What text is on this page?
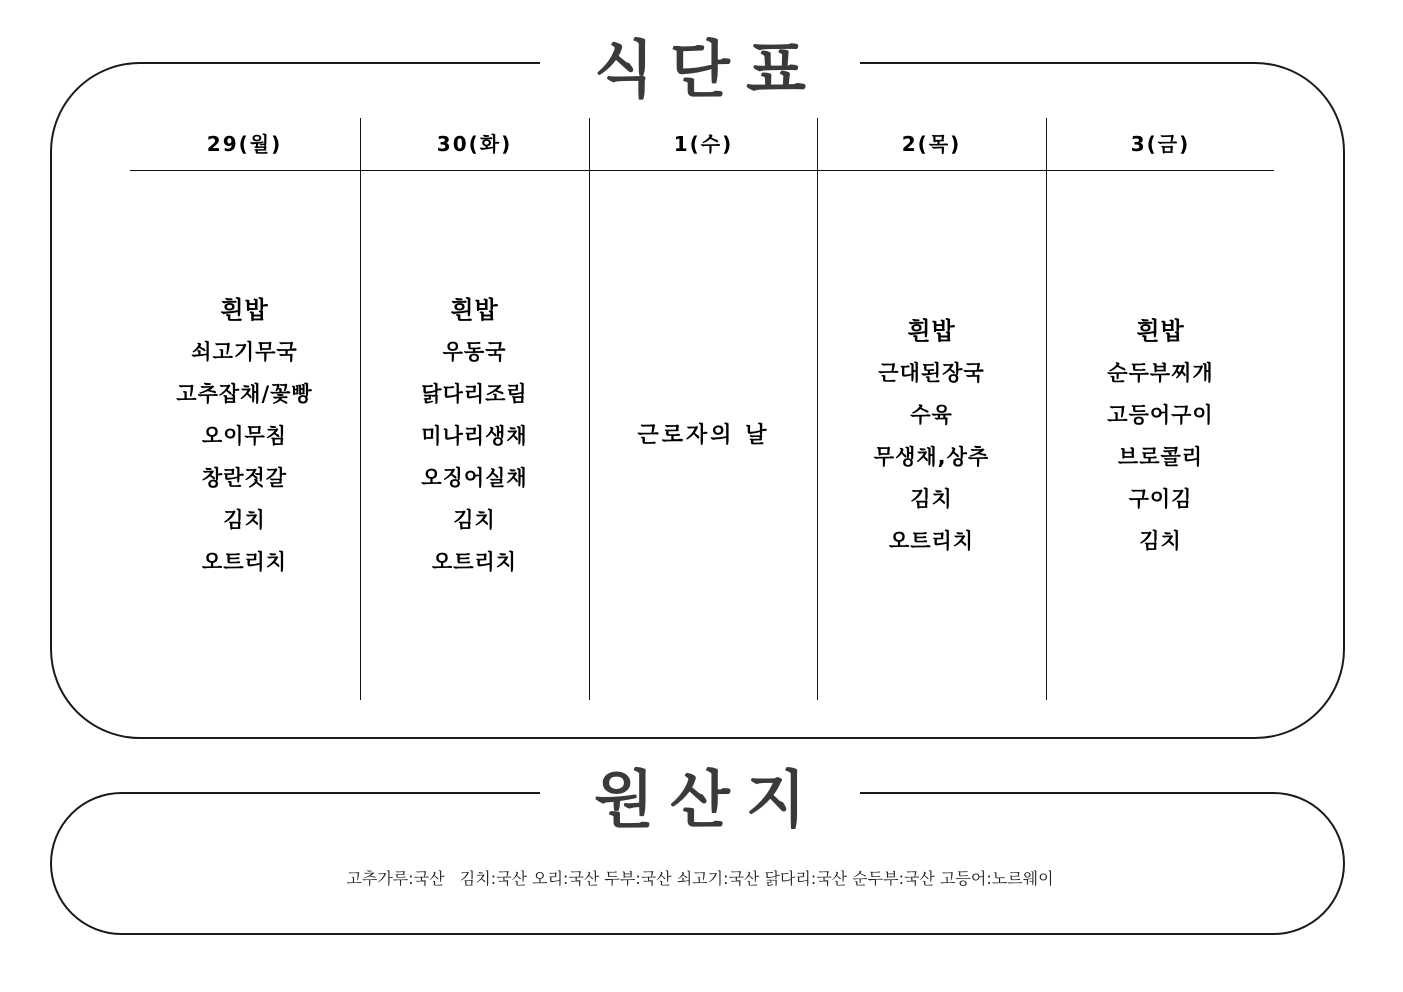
식단표
29(월)
흰밥
쇠고기무국
고추잡채/꽃빵
오이무침
창란젓갈
김치
오트리치
30(화)
흰밥
우동국
닭다리조림
미나리생채
오징어실채
김치
오트리치
1(수)
근로자의 날
2(목)
흰밥
근대된장국
수육
무생채,상추
김치
오트리치
3(금)
흰밥
순두부찌개
고등어구이
브로콜리
구이김
김치
원산지
고추가루:국산   김치:국산 오리:국산 두부:국산 쇠고기:국산 닭다리:국산 순두부:국산 고등어:노르웨이
